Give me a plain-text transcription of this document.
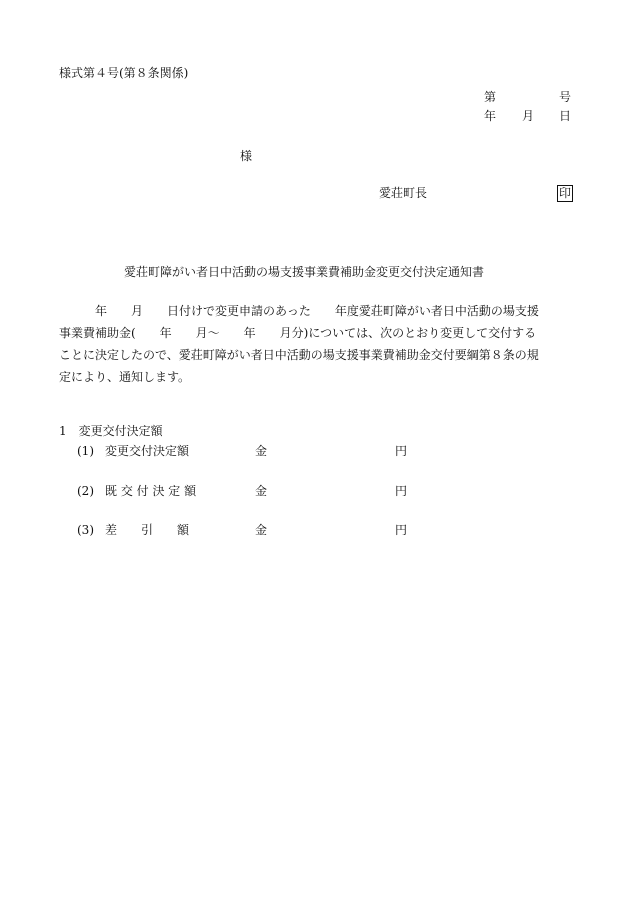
様式第４号(第８条関係)
第	号
年 月 日
様
愛荘町長	印
愛荘町障がい者日中活動の場支援事業費補助金変更交付決定通知書

　　　年　　月　　日付けで変更申請のあった　　年度愛荘町障がい者日中活動の場支援

事業費補助金(　　年　　月～　　年　　月分)については、次のとおり変更して交付する

ことに決定したので、愛荘町障がい者日中活動の場支援事業費補助金交付要綱第８条の規

定により、通知します。

1　変更交付決定額
(1) 変更交付決定額	金	円
(2) 既 交 付 決 定 額	金	円
(3) 差　　引　　額	金	円
